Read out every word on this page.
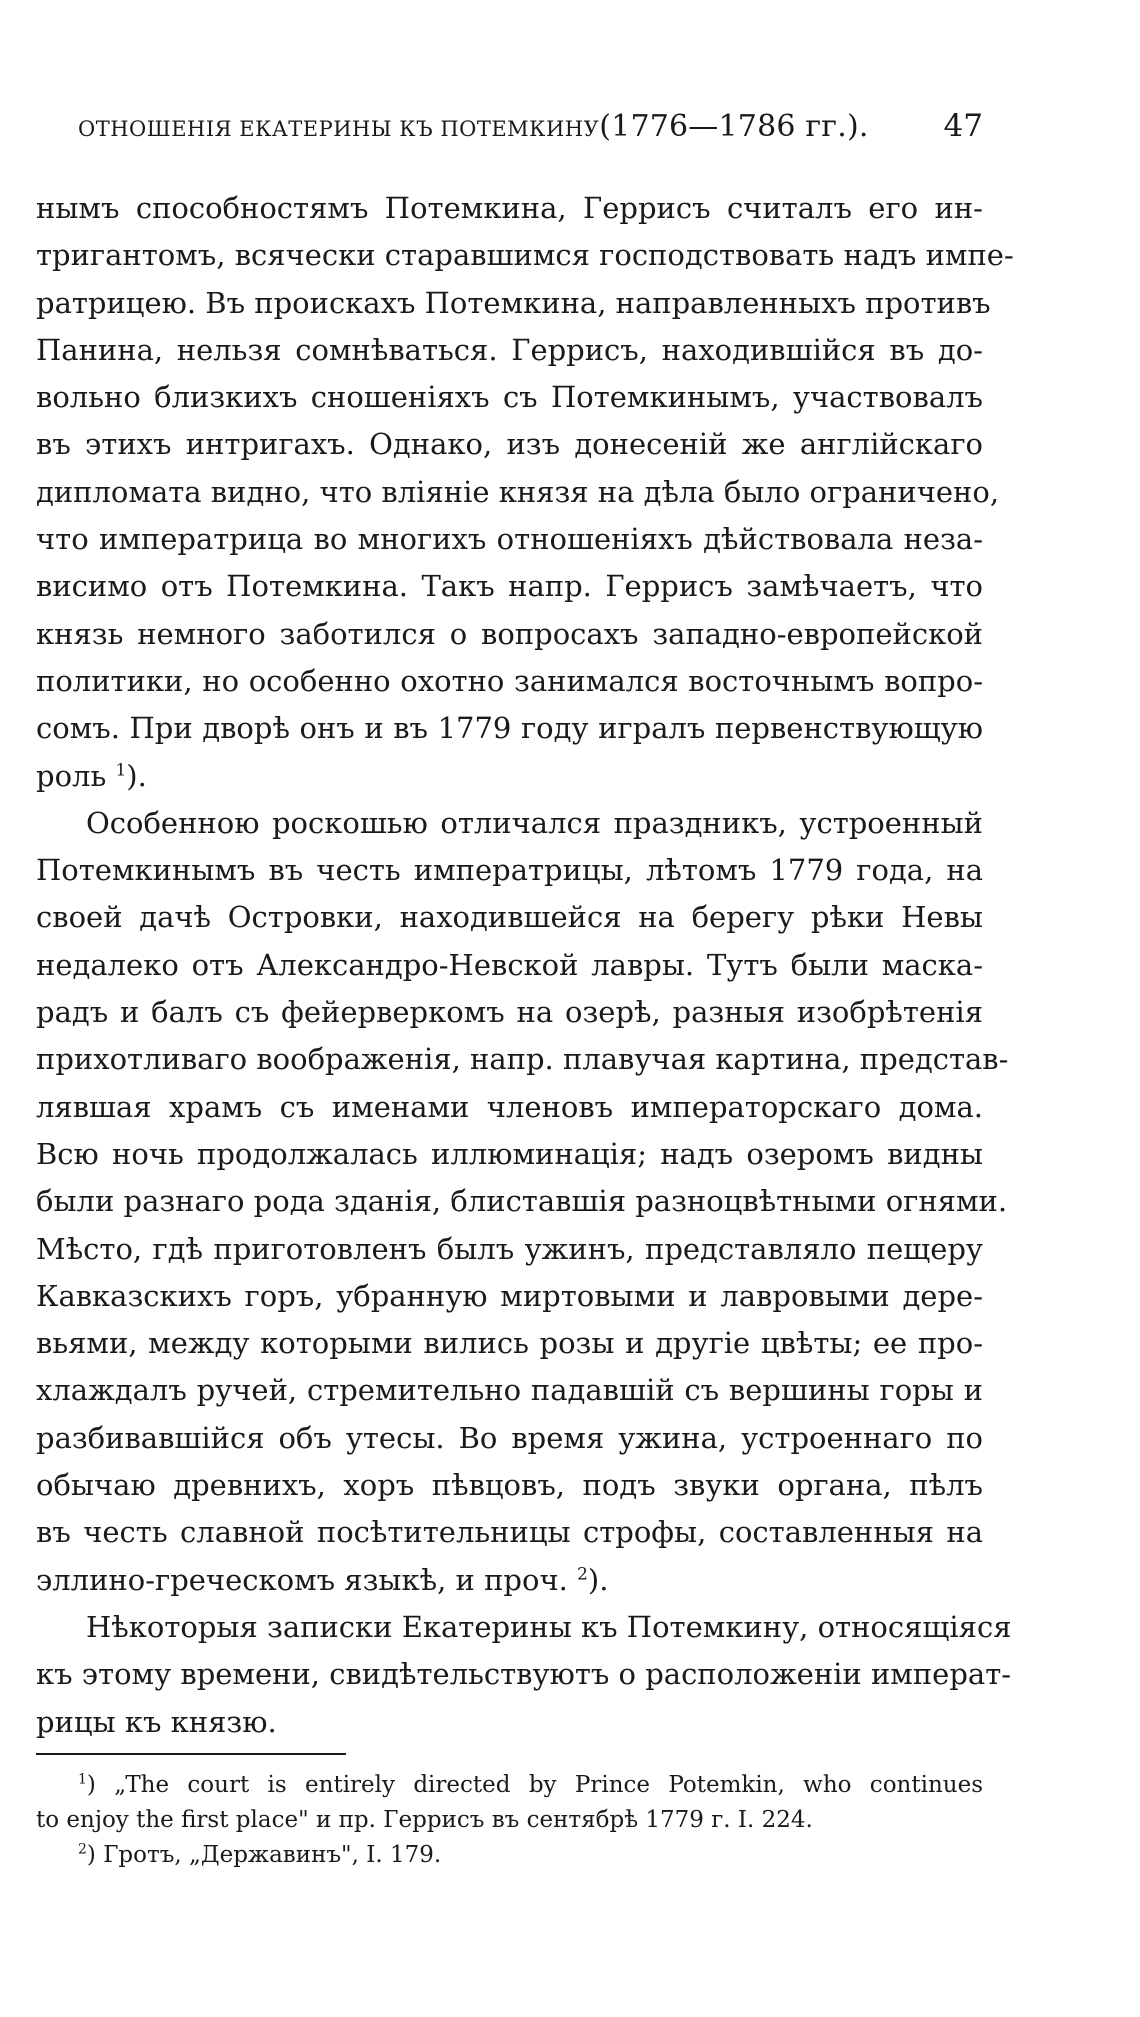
ОТНОШЕНІЯ ЕКАТЕРИНЫ КЪ ПОТЕМКИНУ(1776—1786 гг.). 47

нымъ способностямъ Потемкина, Геррисъ считалъ его ин-
тригантомъ, всячески старавшимся господствовать надъ импе-
ратрицею. Въ проискахъ Потемкина, направленныхъ противъ
Панина, нельзя сомнѣваться. Геррисъ, находившійся въ до-
вольно близкихъ сношеніяхъ съ Потемкинымъ, участвовалъ
въ этихъ интригахъ. Однако, изъ донесеній же англійскаго
дипломата видно, что вліяніе князя на дѣла было ограничено,
что императрица во многихъ отношеніяхъ дѣйствовала неза-
висимо отъ Потемкина. Такъ напр. Геррисъ замѣчаетъ, что
князь немного заботился о вопросахъ западно-европейской
политики, но особенно охотно занимался восточнымъ вопро-
сомъ. При дворѣ онъ и въ 1779 году игралъ первенствующую
роль $^1$).

Особенною роскошью отличался праздникъ, устроенный
Потемкинымъ въ честь императрицы, лѣтомъ 1779 года, на
своей дачѣ Островки, находившейся на берегу рѣки Невы
недалеко отъ Александро-Невской лавры. Тутъ были маска-
радъ и балъ съ фейерверкомъ на озерѣ, разныя изобрѣтенія
прихотливаго воображенія, напр. плавучая картина, представ-
лявшая храмъ съ именами членовъ императорскаго дома.
Всю ночь продолжалась иллюминація; надъ озеромъ видны
были разнаго рода зданія, блиставшія разноцвѣтными огнями.
Мѣсто, гдѣ приготовленъ былъ ужинъ, представляло пещеру
Кавказскихъ горъ, убранную миртовыми и лавровыми дере-
вьями, между которыми вились розы и другіе цвѣты; ее про-
хлаждалъ ручей, стремительно падавшій съ вершины горы и
разбивавшійся объ утесы. Во время ужина, устроеннаго по
обычаю древнихъ, хоръ пѣвцовъ, подъ звуки органа, пѣлъ
въ честь славной посѣтительницы строфы, составленныя на
эллино-греческомъ языкѣ, и проч. $^2$).

Нѣкоторыя записки Екатерины къ Потемкину, относящіяся
къ этому времени, свидѣтельствуютъ о расположеніи императ-
рицы къ князю.

$^1$) „The court is entirely directed by Prince Potemkin, who continues
to enjoy the first place" и пр. Геррисъ въ сентябрѣ 1779 г. I. 224.

$^2$) Гротъ, „Державинъ", I. 179.
